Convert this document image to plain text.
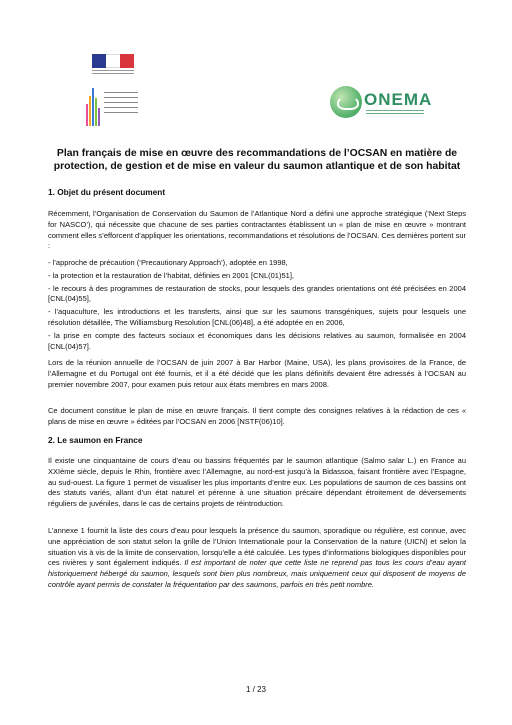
ONEMA
Plan français de mise en œuvre des recommandations de l’OCSAN en matière de protection, de gestion et de mise en valeur du saumon atlantique et de son habitat
1. Objet du présent document

Récemment, l’Organisation de Conservation du Saumon de l’Atlantique Nord a défini une approche stratégique (‘Next Steps for NASCO’), qui nécessite que chacune de ses parties contractantes établissent un « plan de mise en œuvre » montrant comment elles s’efforcent d’appliquer les orientations, recommandations et résolutions de l’OCSAN. Ces dernières portent sur :

- l’approche de précaution (‘Precautionary Approach’), adoptée en 1998,

- la protection et la restauration de l’habitat, définies en 2001 [CNL(01)51],

- le recours à des programmes de restauration de stocks, pour lesquels des grandes orientations ont été précisées en 2004 [CNL(04)55],

- l’aquaculture, les introductions et les transferts, ainsi que sur les saumons transgéniques, sujets pour lesquels une résolution détaillée, The Williamsburg Resolution [CNL(06)48], a été adoptée en en 2006,

- la prise en compte des facteurs sociaux et économiques dans les décisions relatives au saumon, formalisée en 2004 [CNL(04)57].

Lors de la réunion annuelle de l’OCSAN de juin 2007 à Bar Harbor (Maine, USA), les plans provisoires de la France, de l’Allemagne et du Portugal ont été fournis, et il a été décidé que les plans définitifs devaient être adressés à l’OCSAN au premier novembre 2007, pour examen puis retour aux états membres en mars 2008.

Ce document constitue le plan de mise en œuvre français. Il tient compte des consignes relatives à la rédaction de ces « plans de mise en œuvre » éditées par l’OCSAN en 2006 [NSTF(06)10].

2. Le saumon en France

Il existe une cinquantaine de cours d’eau ou bassins fréquentés par le saumon atlantique (Salmo salar L.) en France au XXIème siècle, depuis le Rhin, frontière avec l’Allemagne, au nord-est jusqu’à la Bidassoa, faisant frontière avec l’Espagne, au sud-ouest. La figure 1 permet de visualiser les plus importants d’entre eux. Les populations de saumon de ces bassins ont des statuts variés, allant d’un état naturel et pérenne à une situation précaire dépendant étroitement de déversements réguliers de juvéniles, dans le cas de certains projets de réintroduction.

L’annexe 1 fournit la liste des cours d’eau pour lesquels la présence du saumon, sporadique ou régulière, est connue, avec une appréciation de son statut selon la grille de l’Union Internationale pour la Conservation de la nature (UICN) et selon la situation vis à vis de la limite de conservation, lorsqu’elle a été calculée. Les types d’informations biologiques disponibles pour ces rivières y sont également indiqués. Il est important de noter que cette liste ne reprend pas tous les cours d’eau ayant historiquement hébergé du saumon, lesquels sont bien plus nombreux, mais uniquement ceux qui disposent de moyens de contrôle ayant permis de constater la fréquentation par des saumons, parfois en très petit nombre.

1 / 23
